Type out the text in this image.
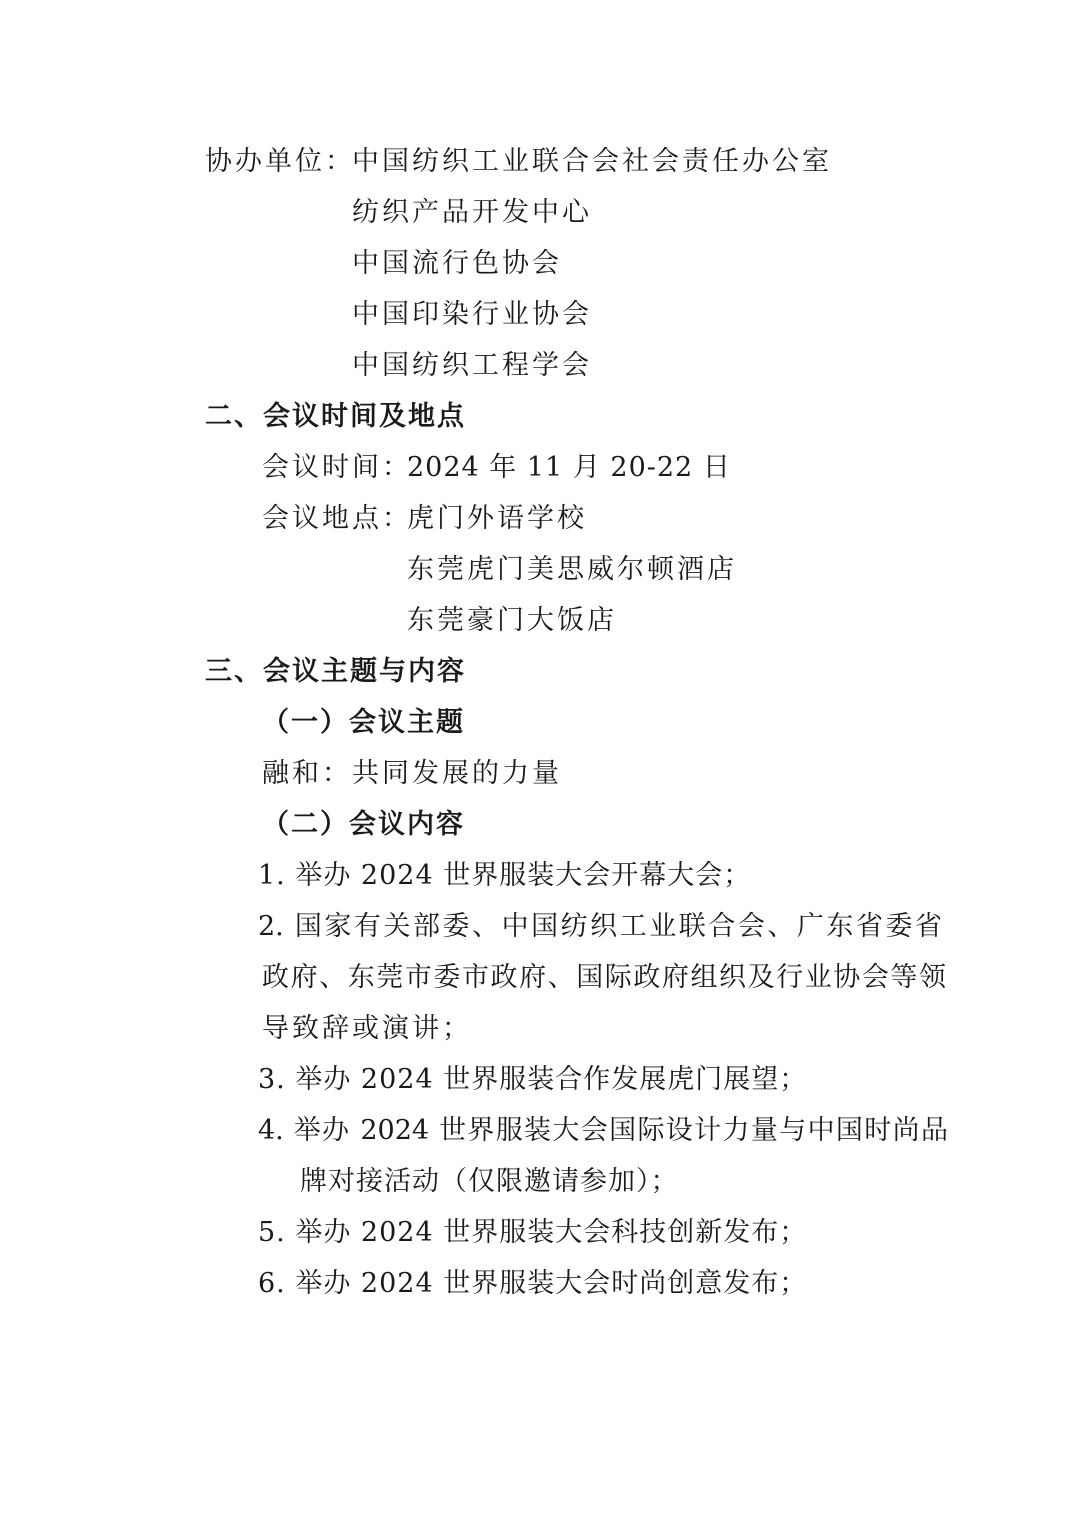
协办单位：
中国纺织工业联合会社会责任办公室
纺织产品开发中心
中国流行色协会
中国印染行业协会
中国纺织工程学会
二、会议时间及地点
会议时间：
2024 年 11 月 20-22 日
会议地点：
虎门外语学校
东莞虎门美思威尔顿酒店
东莞豪门大饭店
三、会议主题与内容
（一）会议主题
融和：共同发展的力量
（二）会议内容
1. 举办 2024 世界服装大会开幕大会；
2. 国家有关部委、中国纺织工业联合会、广东省委省
政府、东莞市委市政府、国际政府组织及行业协会等领
导致辞或演讲；
3. 举办 2024 世界服装合作发展虎门展望；
4. 举办 2024 世界服装大会国际设计力量与中国时尚品
牌对接活动（仅限邀请参加）；
5. 举办 2024 世界服装大会科技创新发布；
6. 举办 2024 世界服装大会时尚创意发布；
